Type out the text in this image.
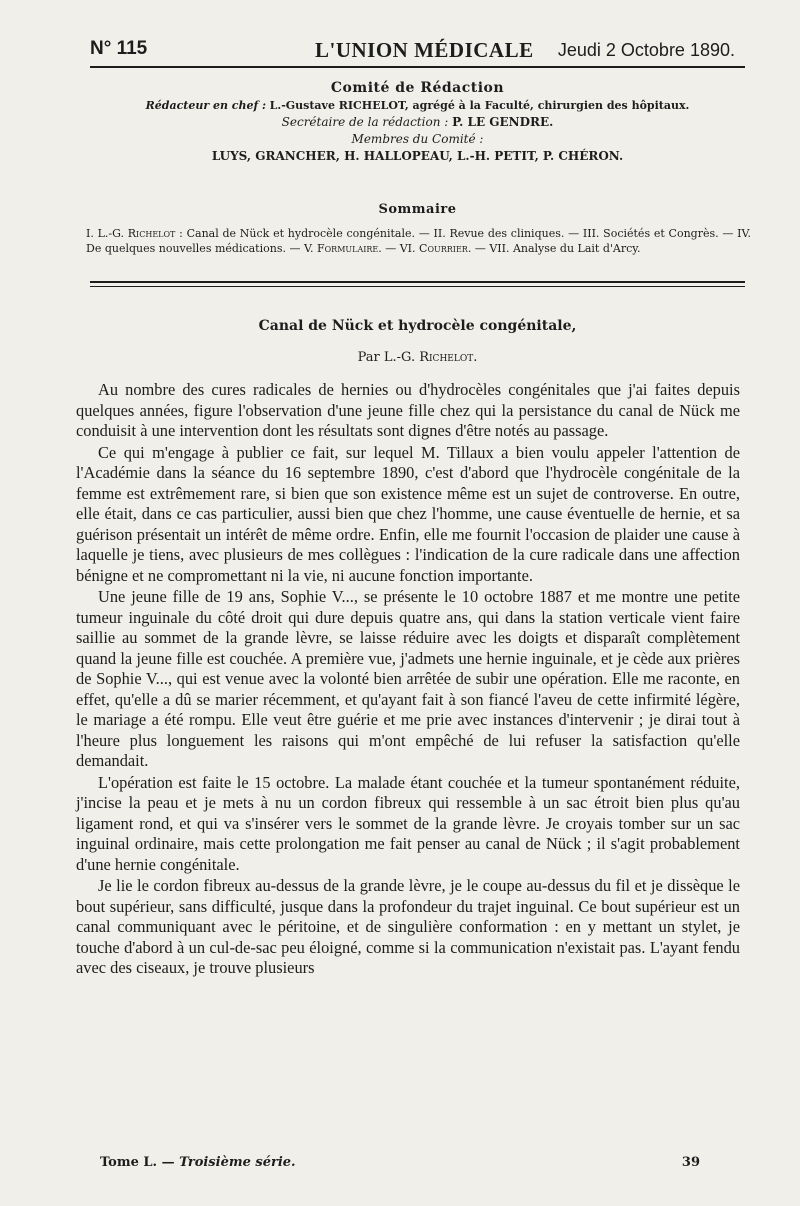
N° 115	L'UNION MÉDICALE Jeudi 2 Octobre 1890.
Comité de Rédaction
Rédacteur en chef : L.-Gustave RICHELOT, agrégé à la Faculté, chirurgien des hôpitaux.
Secrétaire de la rédaction : P. LE GENDRE.
Membres du Comité :
LUYS, GRANCHER, H. HALLOPEAU, L.-H. PETIT, P. CHÉRON.
Sommaire
I. L.-G. Richelot : Canal de Nück et hydrocèle congénitale. — II. Revue des cliniques. — III. Sociétés et Congrès. — IV. De quelques nouvelles médications. — V. Formulaire. — VI. Courrier. — VII. Analyse du Lait d'Arcy.
Canal de Nück et hydrocèle congénitale,
Par L.-G. Richelot.

Au nombre des cures radicales de hernies ou d'hydrocèles congénitales que j'ai faites depuis quelques années, figure l'observation d'une jeune fille chez qui la persistance du canal de Nück me conduisit à une intervention dont les résultats sont dignes d'être notés au passage.

Ce qui m'engage à publier ce fait, sur lequel M. Tillaux a bien voulu appeler l'attention de l'Académie dans la séance du 16 septembre 1890, c'est d'abord que l'hydrocèle congénitale de la femme est extrêmement rare, si bien que son existence même est un sujet de controverse. En outre, elle était, dans ce cas particulier, aussi bien que chez l'homme, une cause éventuelle de hernie, et sa guérison présentait un intérêt de même ordre. Enfin, elle me fournit l'occasion de plaider une cause à laquelle je tiens, avec plusieurs de mes collègues : l'indication de la cure radicale dans une affection bénigne et ne compromettant ni la vie, ni aucune fonction importante.

Une jeune fille de 19 ans, Sophie V..., se présente le 10 octobre 1887 et me montre une petite tumeur inguinale du côté droit qui dure depuis quatre ans, qui dans la station verticale vient faire saillie au sommet de la grande lèvre, se laisse réduire avec les doigts et disparaît complètement quand la jeune fille est couchée. A première vue, j'admets une hernie inguinale, et je cède aux prières de Sophie V..., qui est venue avec la volonté bien arrêtée de subir une opération. Elle me raconte, en effet, qu'elle a dû se marier récemment, et qu'ayant fait à son fiancé l'aveu de cette infirmité légère, le mariage a été rompu. Elle veut être guérie et me prie avec instances d'intervenir ; je dirai tout à l'heure plus longuement les raisons qui m'ont empêché de lui refuser la satisfaction qu'elle demandait.

L'opération est faite le 15 octobre. La malade étant couchée et la tumeur spontanément réduite, j'incise la peau et je mets à nu un cordon fibreux qui ressemble à un sac étroit bien plus qu'au ligament rond, et qui va s'insérer vers le sommet de la grande lèvre. Je croyais tomber sur un sac inguinal ordinaire, mais cette prolongation me fait penser au canal de Nück ; il s'agit probablement d'une hernie congénitale.

Je lie le cordon fibreux au-dessus de la grande lèvre, je le coupe au-dessus du fil et je dissèque le bout supérieur, sans difficulté, jusque dans la profondeur du trajet inguinal. Ce bout supérieur est un canal communiquant avec le péritoine, et de singulière conformation : en y mettant un stylet, je touche d'abord à un cul-de-sac peu éloigné, comme si la communication n'existait pas. L'ayant fendu avec des ciseaux, je trouve plusieurs

Tome L. — Troisième série.	39
